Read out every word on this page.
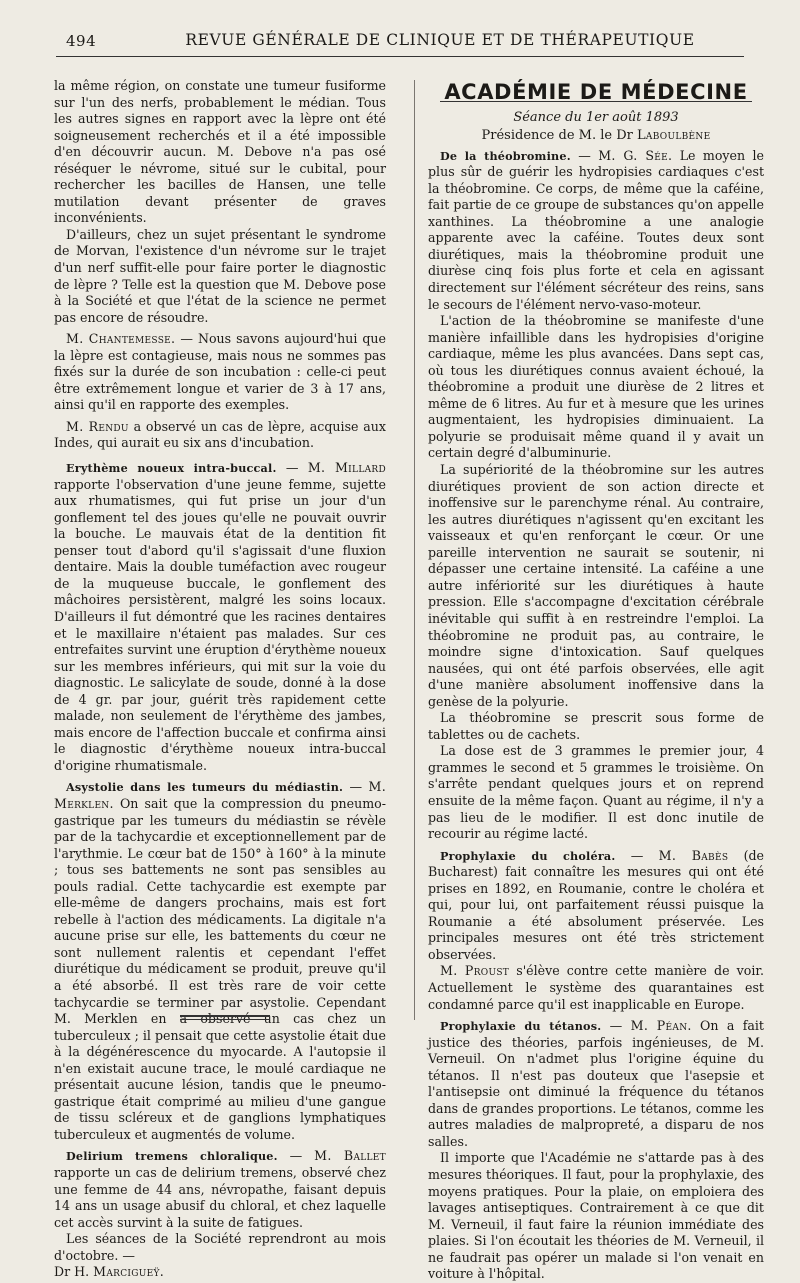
494	REVUE GÉNÉRALE DE CLINIQUE ET DE THÉRAPEUTIQUE

la même région, on constate une tumeur fusiforme sur l'un des nerfs, probablement le médian. Tous les autres signes en rapport avec la lèpre ont été soigneusement recherchés et il a été impossible d'en découvrir aucun. M. Debove n'a pas osé réséquer le névrome, situé sur le cubital, pour rechercher les bacilles de Hansen, une telle mutilation devant présenter de graves inconvénients.

D'ailleurs, chez un sujet présentant le syndrome de Morvan, l'existence d'un névrome sur le trajet d'un nerf suffit-elle pour faire porter le diagnostic de lèpre ? Telle est la question que M. Debove pose à la Société et que l'état de la science ne permet pas encore de résoudre.

M. Chantemesse. — Nous savons aujourd'hui que la lèpre est contagieuse, mais nous ne sommes pas fixés sur la durée de son incubation : celle-ci peut être extrêmement longue et varier de 3 à 17 ans, ainsi qu'il en rapporte des exemples.

M. Rendu a observé un cas de lèpre, acquise aux Indes, qui aurait eu six ans d'incubation.

Erythème noueux intra-buccal. — M. Millard rapporte l'observation d'une jeune femme, sujette aux rhumatismes, qui fut prise un jour d'un gonflement tel des joues qu'elle ne pouvait ouvrir la bouche. Le mauvais état de la dentition fit penser tout d'abord qu'il s'agissait d'une fluxion dentaire. Mais la double tuméfaction avec rougeur de la muqueuse buccale, le gonflement des mâchoires persistèrent, malgré les soins locaux. D'ailleurs il fut démontré que les racines dentaires et le maxillaire n'étaient pas malades. Sur ces entrefaites survint une éruption d'érythème noueux sur les membres inférieurs, qui mit sur la voie du diagnostic. Le salicylate de soude, donné à la dose de 4 gr. par jour, guérit très rapidement cette malade, non seulement de l'érythème des jambes, mais encore de l'affection buccale et confirma ainsi le diagnostic d'érythème noueux intra-buccal d'origine rhumatismale.

Asystolie dans les tumeurs du médiastin. — M. Merklen. On sait que la compression du pneumo-gastrique par les tumeurs du médiastin se révèle par de la tachycardie et exceptionnellement par de l'arythmie. Le cœur bat de 150° à 160° à la minute ; tous ses battements ne sont pas sensibles au pouls radial. Cette tachycardie est exempte par elle-même de dangers prochains, mais est fort rebelle à l'action des médicaments. La digitale n'a aucune prise sur elle, les battements du cœur ne sont nullement ralentis et cependant l'effet diurétique du médicament se produit, preuve qu'il a été absorbé. Il est très rare de voir cette tachycardie se terminer par asystolie. Cependant M. Merklen en a observé un cas chez un tuberculeux ; il pensait que cette asystolie était due à la dégénérescence du myocarde. A l'autopsie il n'en existait aucune trace, le moulé cardiaque ne présentait aucune lésion, tandis que le pneumo-gastrique était comprimé au milieu d'une gangue de tissu scléreux et de ganglions lymphatiques tuberculeux et augmentés de volume.

Delirium tremens chloralique. — M. Ballet rapporte un cas de delirium tremens, observé chez une femme de 44 ans, névropathe, faisant depuis 14 ans un usage abusif du chloral, et chez laquelle cet accès survint à la suite de fatigues.

Les séances de la Société reprendront au mois d'octobre. —
Dr H. Marcigueÿ.

ACADÉMIE DE MÉDECINE
Séance du 1er août 1893
Présidence de M. le Dr Laboulbène

De la théobromine. — M. G. Sée. Le moyen le plus sûr de guérir les hydropisies cardiaques c'est la théobromine. Ce corps, de même que la caféine, fait partie de ce groupe de substances qu'on appelle xanthines. La théobromine a une analogie apparente avec la caféine. Toutes deux sont diurétiques, mais la théobromine produit une diurèse cinq fois plus forte et cela en agissant directement sur l'élément sécréteur des reins, sans le secours de l'élément nervo-vaso-moteur.

L'action de la théobromine se manifeste d'une manière infaillible dans les hydropisies d'origine cardiaque, même les plus avancées. Dans sept cas, où tous les diurétiques connus avaient échoué, la théobromine a produit une diurèse de 2 litres et même de 6 litres. Au fur et à mesure que les urines augmentaient, les hydropisies diminuaient. La polyurie se produisait même quand il y avait un certain degré d'albuminurie.

La supériorité de la théobromine sur les autres diurétiques provient de son action directe et inoffensive sur le parenchyme rénal. Au contraire, les autres diurétiques n'agissent qu'en excitant les vaisseaux et qu'en renforçant le cœur. Or une pareille intervention ne saurait se soutenir, ni dépasser une certaine intensité. La caféine a une autre infériorité sur les diurétiques à haute pression. Elle s'accompagne d'excitation cérébrale inévitable qui suffit à en restreindre l'emploi. La théobromine ne produit pas, au contraire, le moindre signe d'intoxication. Sauf quelques nausées, qui ont été parfois observées, elle agit d'une manière absolument inoffensive dans la genèse de la polyurie.

La théobromine se prescrit sous forme de tablettes ou de cachets.

La dose est de 3 grammes le premier jour, 4 grammes le second et 5 grammes le troisième. On s'arrête pendant quelques jours et on reprend ensuite de la même façon. Quant au régime, il n'y a pas lieu de le modifier. Il est donc inutile de recourir au régime lacté.

Prophylaxie du choléra. — M. Babès (de Bucharest) fait connaître les mesures qui ont été prises en 1892, en Roumanie, contre le choléra et qui, pour lui, ont parfaitement réussi puisque la Roumanie a été absolument préservée. Les principales mesures ont été très strictement observées.

M. Proust s'élève contre cette manière de voir. Actuellement le système des quarantaines est condamné parce qu'il est inapplicable en Europe.

Prophylaxie du tétanos. — M. Péan. On a fait justice des théories, parfois ingénieuses, de M. Verneuil. On n'admet plus l'origine équine du tétanos. Il n'est pas douteux que l'asepsie et l'antisepsie ont diminué la fréquence du tétanos dans de grandes proportions. Le tétanos, comme les autres maladies de malpropreté, a disparu de nos salles.

Il importe que l'Académie ne s'attarde pas à des mesures théoriques. Il faut, pour la prophylaxie, des moyens pratiques. Pour la plaie, on emploiera des lavages antiseptiques. Contrairement à ce que dit M. Verneuil, il faut faire la réunion immédiate des plaies. Si l'on écoutait les théories de M. Verneuil, il ne faudrait pas opérer un malade si l'on venait en voiture à l'hôpital.
